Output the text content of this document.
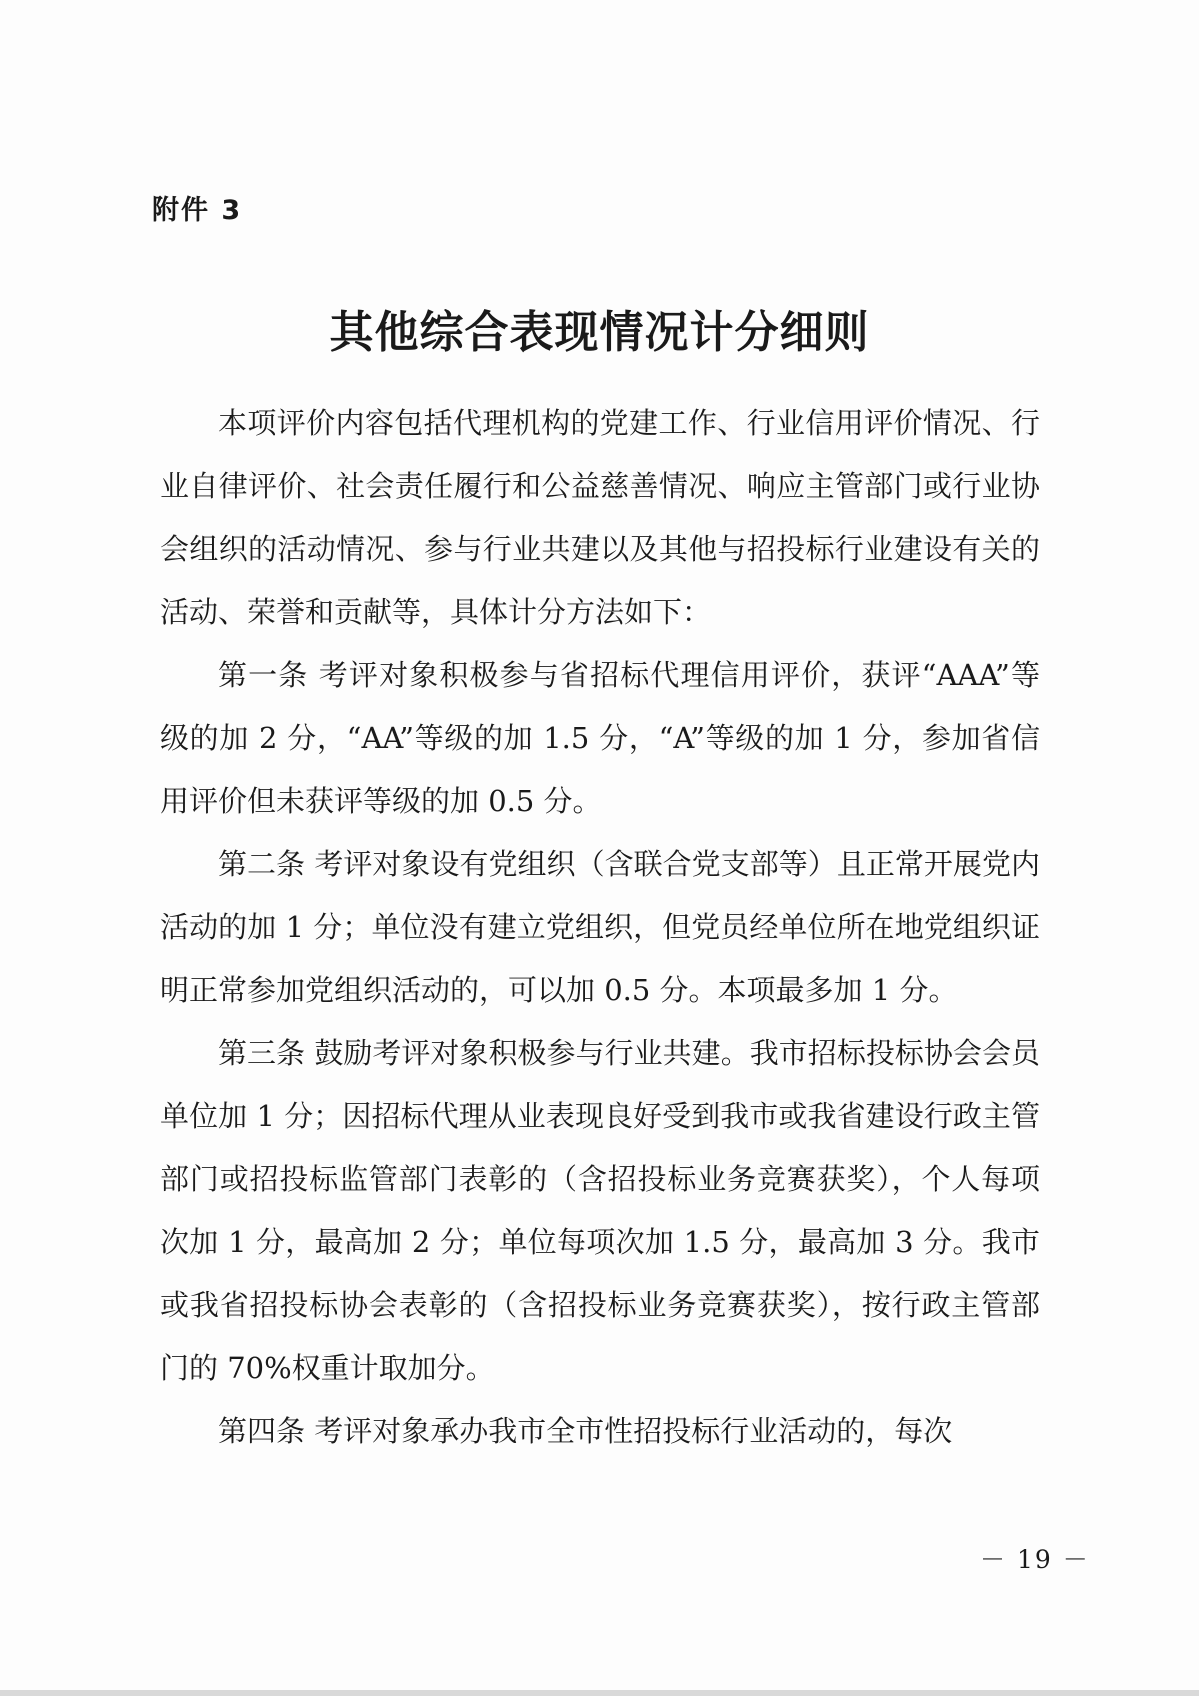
附件 3
其他综合表现情况计分细则

本项评价内容包括代理机构的党建工作、行业信用评价情况、行业自律评价、社会责任履行和公益慈善情况、响应主管部门或行业协会组织的活动情况、参与行业共建以及其他与招投标行业建设有关的活动、荣誉和贡献等，具体计分方法如下：

第一条 考评对象积极参与省招标代理信用评价，获评“AAA”等级的加 2 分，“AA”等级的加 1.5 分，“A”等级的加 1 分，参加省信用评价但未获评等级的加 0.5 分。

第二条 考评对象设有党组织（含联合党支部等）且正常开展党内活动的加 1 分；单位没有建立党组织，但党员经单位所在地党组织证明正常参加党组织活动的，可以加 0.5 分。本项最多加 1 分。

第三条 鼓励考评对象积极参与行业共建。我市招标投标协会会员单位加 1 分；因招标代理从业表现良好受到我市或我省建设行政主管部门或招投标监管部门表彰的（含招投标业务竞赛获奖），个人每项次加 1 分，最高加 2 分；单位每项次加 1.5 分，最高加 3 分。我市或我省招投标协会表彰的（含招投标业务竞赛获奖），按行政主管部门的 70%权重计取加分。

第四条 考评对象承办我市全市性招投标行业活动的，每次

－ 19 －
